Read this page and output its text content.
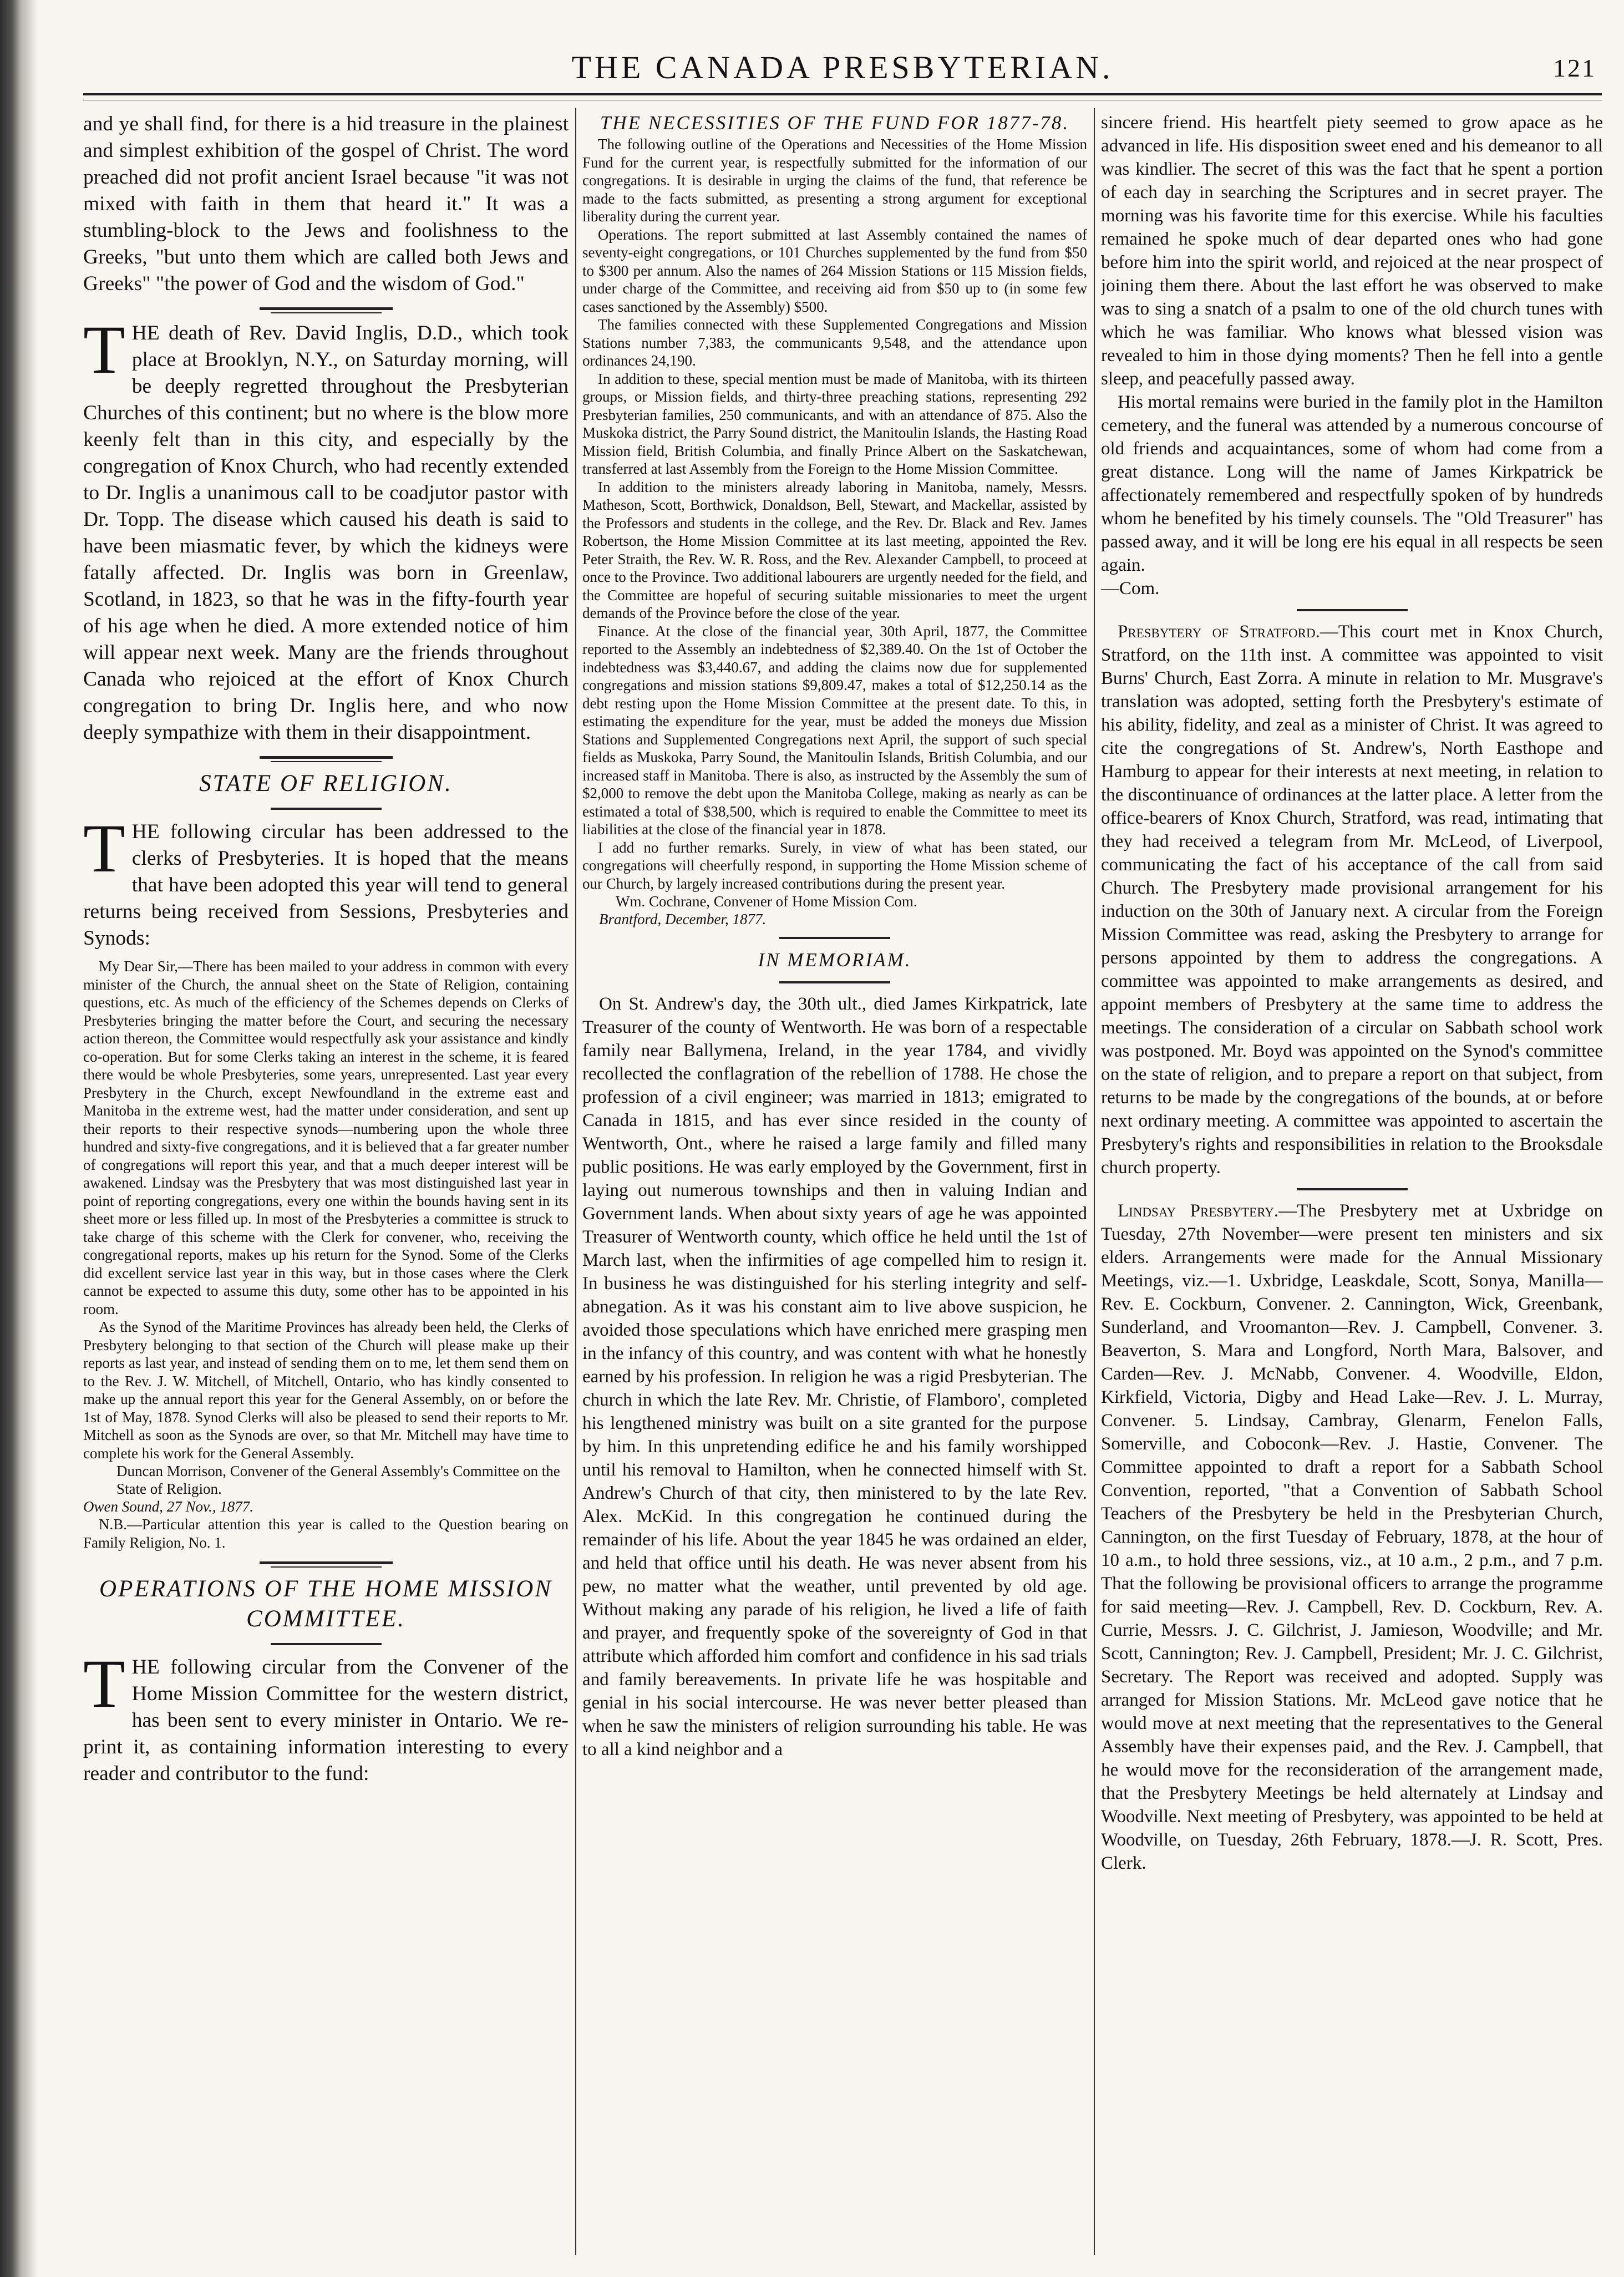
THE CANADA PRESBYTERIAN.	121

and ye shall find, for there is a hid treasure in the plainest and simplest exhibition of the gospel of Christ. The word preached did not profit ancient Israel because "it was not mixed with faith in them that heard it." It was a stumbling-block to the Jews and foolishness to the Greeks, "but unto them which are called both Jews and Greeks" "the power of God and the wisdom of God."

THE death of Rev. David Inglis, D.D., which took place at Brooklyn, N.Y., on Saturday morning, will be deeply regretted throughout the Presbyterian Churches of this continent; but no where is the blow more keenly felt than in this city, and especially by the congregation of Knox Church, who had recently extended to Dr. Inglis a unanimous call to be coadjutor pastor with Dr. Topp. The disease which caused his death is said to have been miasmatic fever, by which the kidneys were fatally affected. Dr. Inglis was born in Greenlaw, Scotland, in 1823, so that he was in the fifty-fourth year of his age when he died. A more extended notice of him will appear next week. Many are the friends throughout Canada who rejoiced at the effort of Knox Church congregation to bring Dr. Inglis here, and who now deeply sympathize with them in their disappointment.

STATE OF RELIGION.

THE following circular has been addressed to the clerks of Presbyteries. It is hoped that the means that have been adopted this year will tend to general returns being received from Sessions, Presbyteries and Synods:

My Dear Sir,—There has been mailed to your address in common with every minister of the Church, the annual sheet on the State of Religion, containing questions, etc. As much of the efficiency of the Schemes depends on Clerks of Presbyteries bringing the matter before the Court, and securing the necessary action thereon, the Committee would respectfully ask your assistance and kindly co-operation. But for some Clerks taking an interest in the scheme, it is feared there would be whole Presbyteries, some years, unrepresented. Last year every Presbytery in the Church, except Newfoundland in the extreme east and Manitoba in the extreme west, had the matter under consideration, and sent up their reports to their respective synods—numbering upon the whole three hundred and sixty-five congregations, and it is believed that a far greater number of congregations will report this year, and that a much deeper interest will be awakened. Lindsay was the Presbytery that was most distinguished last year in point of reporting congregations, every one within the bounds having sent in its sheet more or less filled up. In most of the Presbyteries a committee is struck to take charge of this scheme with the Clerk for convener, who, receiving the congregational reports, makes up his return for the Synod. Some of the Clerks did excellent service last year in this way, but in those cases where the Clerk cannot be expected to assume this duty, some other has to be appointed in his room.

As the Synod of the Maritime Provinces has already been held, the Clerks of Presbytery belonging to that section of the Church will please make up their reports as last year, and instead of sending them on to me, let them send them on to the Rev. J. W. Mitchell, of Mitchell, Ontario, who has kindly consented to make up the annual report this year for the General Assembly, on or before the 1st of May, 1878. Synod Clerks will also be pleased to send their reports to Mr. Mitchell as soon as the Synods are over, so that Mr. Mitchell may have time to complete his work for the General Assembly.

Duncan Morrison, Convener of the General Assembly's Committee on the State of Religion.

Owen Sound, 27 Nov., 1877.

N.B.—Particular attention this year is called to the Question bearing on Family Religion, No. 1.

OPERATIONS OF THE HOME MISSION COMMITTEE.

THE following circular from the Convener of the Home Mission Committee for the western district, has been sent to every minister in Ontario. We re-print it, as containing information interesting to every reader and contributor to the fund:

THE NECESSITIES OF THE FUND FOR 1877-78.

The following outline of the Operations and Necessities of the Home Mission Fund for the current year, is respectfully submitted for the information of our congregations. It is desirable in urging the claims of the fund, that reference be made to the facts submitted, as presenting a strong argument for exceptional liberality during the current year.

Operations. The report submitted at last Assembly contained the names of seventy-eight congregations, or 101 Churches supplemented by the fund from $50 to $300 per annum. Also the names of 264 Mission Stations or 115 Mission fields, under charge of the Committee, and receiving aid from $50 up to (in some few cases sanctioned by the Assembly) $500.

The families connected with these Supplemented Congregations and Mission Stations number 7,383, the communicants 9,548, and the attendance upon ordinances 24,190.

In addition to these, special mention must be made of Manitoba, with its thirteen groups, or Mission fields, and thirty-three preaching stations, representing 292 Presbyterian families, 250 communicants, and with an attendance of 875. Also the Muskoka district, the Parry Sound district, the Manitoulin Islands, the Hasting Road Mission field, British Columbia, and finally Prince Albert on the Saskatchewan, transferred at last Assembly from the Foreign to the Home Mission Committee.

In addition to the ministers already laboring in Manitoba, namely, Messrs. Matheson, Scott, Borthwick, Donaldson, Bell, Stewart, and Mackellar, assisted by the Professors and students in the college, and the Rev. Dr. Black and Rev. James Robertson, the Home Mission Committee at its last meeting, appointed the Rev. Peter Straith, the Rev. W. R. Ross, and the Rev. Alexander Campbell, to proceed at once to the Province. Two additional labourers are urgently needed for the field, and the Committee are hopeful of securing suitable missionaries to meet the urgent demands of the Province before the close of the year.

Finance. At the close of the financial year, 30th April, 1877, the Committee reported to the Assembly an indebtedness of $2,389.40. On the 1st of October the indebtedness was $3,440.67, and adding the claims now due for supplemented congregations and mission stations $9,809.47, makes a total of $12,250.14 as the debt resting upon the Home Mission Committee at the present date. To this, in estimating the expenditure for the year, must be added the moneys due Mission Stations and Supplemented Congregations next April, the support of such special fields as Muskoka, Parry Sound, the Manitoulin Islands, British Columbia, and our increased staff in Manitoba. There is also, as instructed by the Assembly the sum of $2,000 to remove the debt upon the Manitoba College, making as nearly as can be estimated a total of $38,500, which is required to enable the Committee to meet its liabilities at the close of the financial year in 1878.

I add no further remarks. Surely, in view of what has been stated, our congregations will cheerfully respond, in supporting the Home Mission scheme of our Church, by largely increased contributions during the present year.

Wm. Cochrane, Convener of Home Mission Com.

Brantford, December, 1877.

IN MEMORIAM.

On St. Andrew's day, the 30th ult., died James Kirkpatrick, late Treasurer of the county of Wentworth. He was born of a respectable family near Ballymena, Ireland, in the year 1784, and vividly recollected the conflagration of the rebellion of 1788. He chose the profession of a civil engineer; was married in 1813; emigrated to Canada in 1815, and has ever since resided in the county of Wentworth, Ont., where he raised a large family and filled many public positions. He was early employed by the Government, first in laying out numerous townships and then in valuing Indian and Government lands. When about sixty years of age he was appointed Treasurer of Wentworth county, which office he held until the 1st of March last, when the infirmities of age compelled him to resign it. In business he was distinguished for his sterling integrity and self-abnegation. As it was his constant aim to live above suspicion, he avoided those speculations which have enriched mere grasping men in the infancy of this country, and was content with what he honestly earned by his profession. In religion he was a rigid Presbyterian. The church in which the late Rev. Mr. Christie, of Flamboro', completed his lengthened ministry was built on a site granted for the purpose by him. In this unpretending edifice he and his family worshipped until his removal to Hamilton, when he connected himself with St. Andrew's Church of that city, then ministered to by the late Rev. Alex. McKid. In this congregation he continued during the remainder of his life. About the year 1845 he was ordained an elder, and held that office until his death. He was never absent from his pew, no matter what the weather, until prevented by old age. Without making any parade of his religion, he lived a life of faith and prayer, and frequently spoke of the sovereignty of God in that attribute which afforded him comfort and confidence in his sad trials and family bereavements. In private life he was hospitable and genial in his social intercourse. He was never better pleased than when he saw the ministers of religion surrounding his table. He was to all a kind neighbor and a

sincere friend. His heartfelt piety seemed to grow apace as he advanced in life. His disposition sweet ened and his demeanor to all was kindlier. The secret of this was the fact that he spent a portion of each day in searching the Scriptures and in secret prayer. The morning was his favorite time for this exercise. While his faculties remained he spoke much of dear departed ones who had gone before him into the spirit world, and rejoiced at the near prospect of joining them there. About the last effort he was observed to make was to sing a snatch of a psalm to one of the old church tunes with which he was familiar. Who knows what blessed vision was revealed to him in those dying moments? Then he fell into a gentle sleep, and peacefully passed away.

His mortal remains were buried in the family plot in the Hamilton cemetery, and the funeral was attended by a numerous concourse of old friends and acquaintances, some of whom had come from a great distance. Long will the name of James Kirkpatrick be affectionately remembered and respectfully spoken of by hundreds whom he benefited by his timely counsels. The "Old Treasurer" has passed away, and it will be long ere his equal in all respects be seen again.

—Com.

Presbytery of Stratford.—This court met in Knox Church, Stratford, on the 11th inst. A committee was appointed to visit Burns' Church, East Zorra. A minute in relation to Mr. Musgrave's translation was adopted, setting forth the Presbytery's estimate of his ability, fidelity, and zeal as a minister of Christ. It was agreed to cite the congregations of St. Andrew's, North Easthope and Hamburg to appear for their interests at next meeting, in relation to the discontinuance of ordinances at the latter place. A letter from the office-bearers of Knox Church, Stratford, was read, intimating that they had received a telegram from Mr. McLeod, of Liverpool, communicating the fact of his acceptance of the call from said Church. The Presbytery made provisional arrangement for his induction on the 30th of January next. A circular from the Foreign Mission Committee was read, asking the Presbytery to arrange for persons appointed by them to address the congregations. A committee was appointed to make arrangements as desired, and appoint members of Presbytery at the same time to address the meetings. The consideration of a circular on Sabbath school work was postponed. Mr. Boyd was appointed on the Synod's committee on the state of religion, and to prepare a report on that subject, from returns to be made by the congregations of the bounds, at or before next ordinary meeting. A committee was appointed to ascertain the Presbytery's rights and responsibilities in relation to the Brooksdale church property.

Lindsay Presbytery.—The Presbytery met at Uxbridge on Tuesday, 27th November—were present ten ministers and six elders. Arrangements were made for the Annual Missionary Meetings, viz.—1. Uxbridge, Leaskdale, Scott, Sonya, Manilla—Rev. E. Cockburn, Convener. 2. Cannington, Wick, Greenbank, Sunderland, and Vroomanton—Rev. J. Campbell, Convener. 3. Beaverton, S. Mara and Longford, North Mara, Balsover, and Carden—Rev. J. McNabb, Convener. 4. Woodville, Eldon, Kirkfield, Victoria, Digby and Head Lake—Rev. J. L. Murray, Convener. 5. Lindsay, Cambray, Glenarm, Fenelon Falls, Somerville, and Coboconk—Rev. J. Hastie, Convener. The Committee appointed to draft a report for a Sabbath School Convention, reported, "that a Convention of Sabbath School Teachers of the Presbytery be held in the Presbyterian Church, Cannington, on the first Tuesday of February, 1878, at the hour of 10 a.m., to hold three sessions, viz., at 10 a.m., 2 p.m., and 7 p.m. That the following be provisional officers to arrange the programme for said meeting—Rev. J. Campbell, Rev. D. Cockburn, Rev. A. Currie, Messrs. J. C. Gilchrist, J. Jamieson, Woodville; and Mr. Scott, Cannington; Rev. J. Campbell, President; Mr. J. C. Gilchrist, Secretary. The Report was received and adopted. Supply was arranged for Mission Stations. Mr. McLeod gave notice that he would move at next meeting that the representatives to the General Assembly have their expenses paid, and the Rev. J. Campbell, that he would move for the reconsideration of the arrangement made, that the Presbytery Meetings be held alternately at Lindsay and Woodville. Next meeting of Presbytery, was appointed to be held at Woodville, on Tuesday, 26th February, 1878.—J. R. Scott, Pres. Clerk.
